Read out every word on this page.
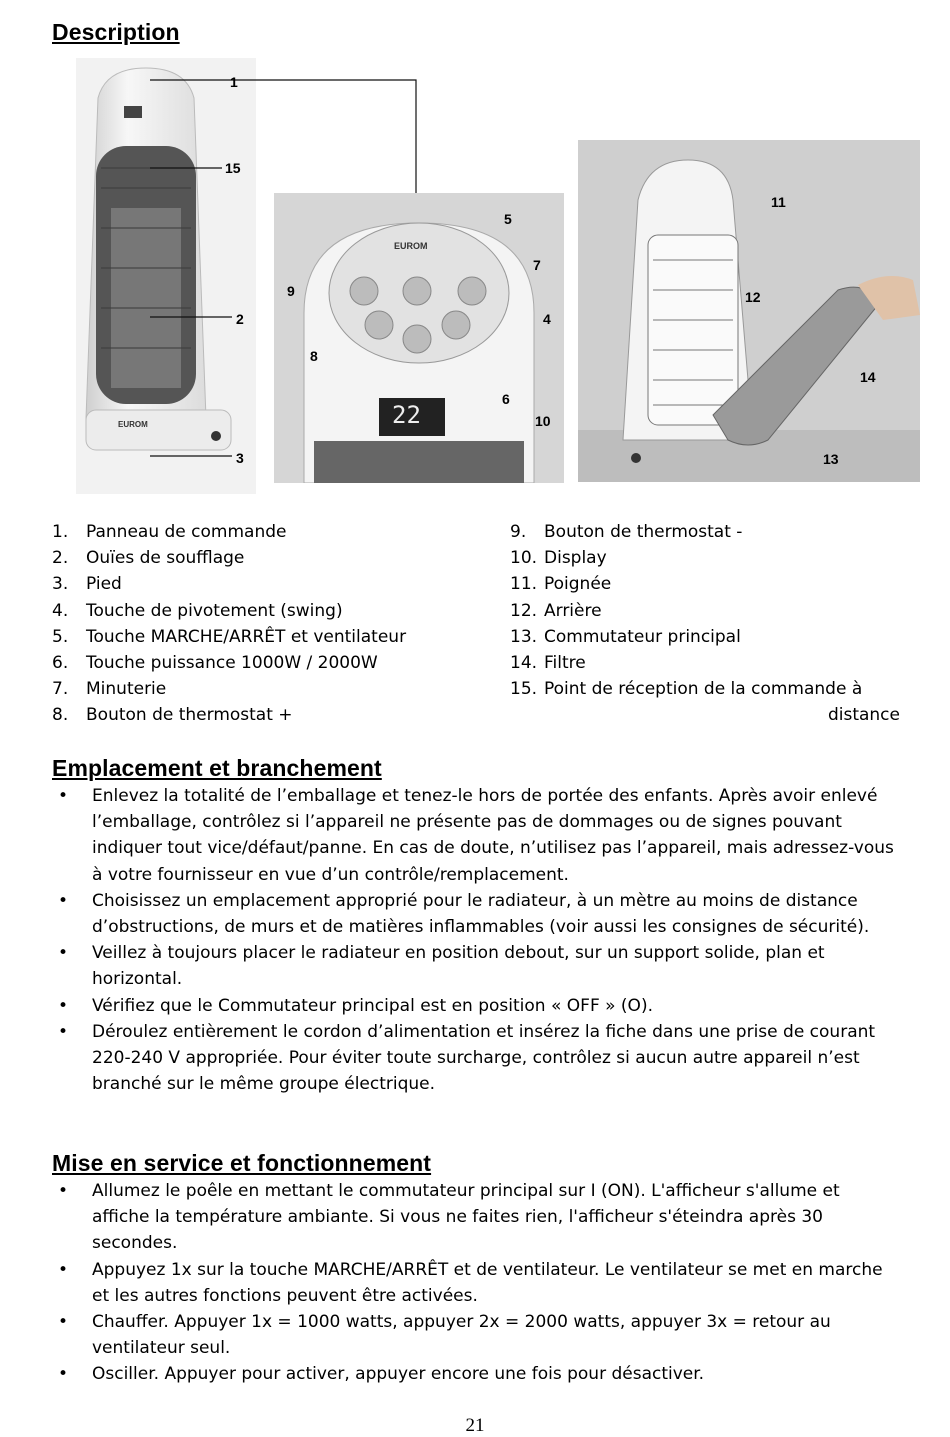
Description
EUROM
1
15
2
3
EUROM
22
5
7
9
4
8
6
10
11
12
14
13
1. Panneau de commande
2. Ouïes de soufflage
3. Pied
4. Touche de pivotement (swing)
5. Touche MARCHE/ARRÊT et ventilateur
6. Touche puissance 1000W / 2000W
7. Minuterie
8. Bouton de thermostat +
9. Bouton de thermostat -
10. Display
11. Poignée
12. Arrière
13. Commutateur principal
14. Filtre
15. Point de réception de la commande à
distance
Emplacement et branchement
• Enlevez la totalité de l’emballage et tenez-le hors de portée des enfants. Après avoir enlevé l’emballage, contrôlez si l’appareil ne présente pas de dommages ou de signes pouvant indiquer tout vice/défaut/panne. En cas de doute, n’utilisez pas l’appareil, mais adressez-vous à votre fournisseur en vue d’un contrôle/remplacement.
• Choisissez un emplacement approprié pour le radiateur, à un mètre au moins de distance d’obstructions, de murs et de matières inflammables (voir aussi les consignes de sécurité).
• Veillez à toujours placer le radiateur en position debout, sur un support solide, plan et horizontal.
• Vérifiez que le Commutateur principal est en position « OFF » (O).
• Déroulez entièrement le cordon d’alimentation et insérez la fiche dans une prise de courant 220-240 V appropriée. Pour éviter toute surcharge, contrôlez si aucun autre appareil n’est branché sur le même groupe électrique.
Mise en service et fonctionnement
• Allumez le poêle en mettant le commutateur principal sur I (ON). L'afficheur s'allume et affiche la température ambiante. Si vous ne faites rien, l'afficheur s'éteindra après 30 secondes.
• Appuyez 1x sur la touche MARCHE/ARRÊT et de ventilateur. Le ventilateur se met en marche et les autres fonctions peuvent être activées.
• Chauffer. Appuyer 1x = 1000 watts, appuyer 2x = 2000 watts, appuyer 3x = retour au ventilateur seul.
• Osciller. Appuyer pour activer, appuyer encore une fois pour désactiver.
21
